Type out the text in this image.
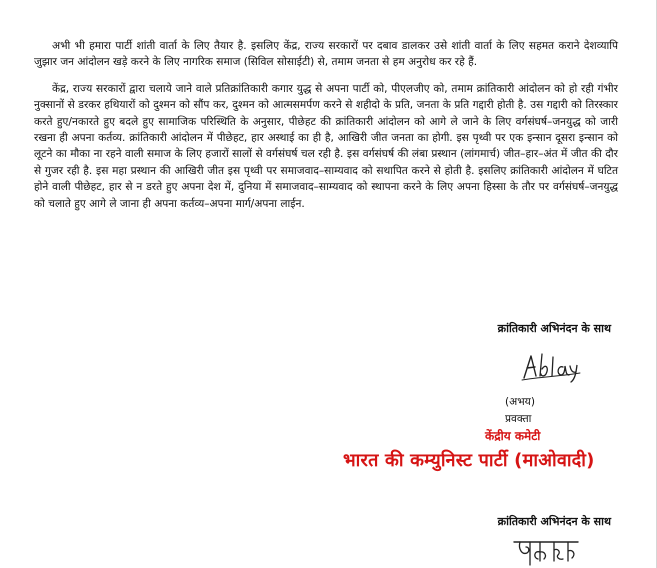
अभी भी हमारा पार्टी शांती वार्ता के लिए तैयार है. इसलिए केंद्र, राज्य सरकारों पर दबाव डालकर उसे शांती वार्ता के लिए सहमत कराने देशव्यापि जुझार जन आंदोलन खड़े करने के लिए नागरिक समाज (सिविल सोसाईटी) से, तमाम जनता से हम अनुरोध कर रहे हैं.

केंद्र, राज्य सरकारों द्वारा चलाये जाने वाले प्रतिक्रांतिकारी कगार युद्ध से अपना पार्टी को, पीएलजीए को, तमाम क्रांतिकारी आंदोलन को हो रही गंभीर नुक्सानों से डरकर हथियारों को दुश्मन को सौंप कर, दुश्मन को आत्मसमर्पण करने से शहीदो के प्रति, जनता के प्रति गद्दारी होती है. उस गद्दारी को तिरस्कार करते हुए/नकारते हुए बदले हुए सामाजिक परिस्थिति के अनुसार, पीछेहट की क्रांतिकारी आंदोलन को आगे ले जाने के लिए वर्गसंघर्ष–जनयुद्ध को जारी रखना ही अपना कर्तव्य. क्रांतिकारी आंदोलन में पीछेहट, हार अस्थाई का ही है, आखिरी जीत जनता का होगी. इस पृथ्वी पर एक इन्सान दूसरा इन्सान को लूटने का मौका ना रहने वाली समाज के लिए हजारों सालों से वर्गसंघर्ष चल रही है. इस वर्गसंघर्ष की लंबा प्रस्थान (लांगमार्च) जीत–हार–अंत में जीत की दौर से गुजर रही है. इस महा प्रस्थान की आखिरी जीत इस पृथ्वी पर समाजवाद–साम्यवाद को सथापित करने से होती है. इसलिए क्रांतिकारी आंदोलन में घटित होने वाली पीछेहट, हार से न डरते हुए अपना देश में, दुनिया में समाजवाद–साम्यवाद को स्थापना करने के लिए अपना हिस्सा के तौर पर वर्गसंघर्ष–जनयुद्ध को चलाते हुए आगे ले जाना ही अपना कर्तव्य–अपना मार्ग/अपना लाईन.

क्रांतिकारी अभिनंदन के साथ
(अभय)
प्रवक्ता
केंद्रीय कमेटी
भारत की कम्युनिस्ट पार्टी (माओवादी)
क्रांतिकारी अभिनंदन के साथ
